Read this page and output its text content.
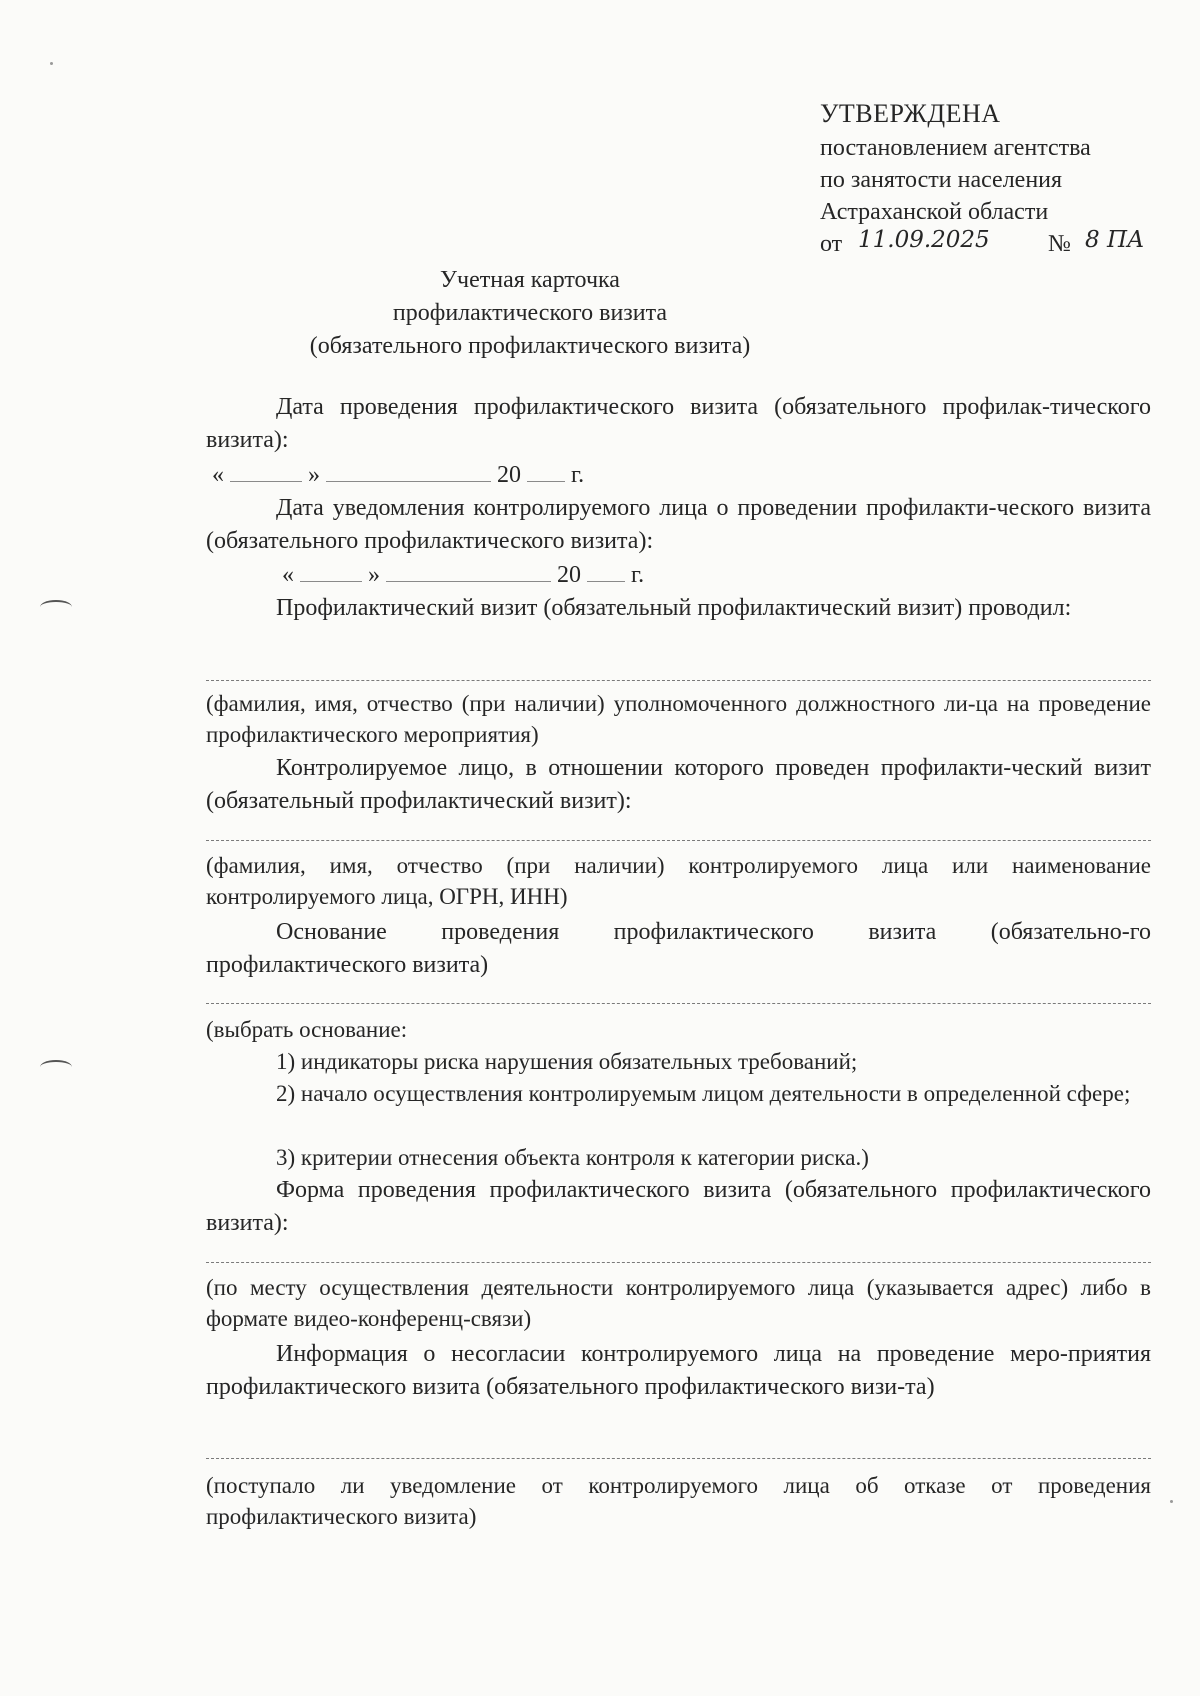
УТВЕРЖДЕНА
постановлением агентства
по занятости населения
Астраханской области
от 11.09.2025 № 8 ПА
Учетная карточка
профилактического визита
(обязательного профилактического визита)
Дата проведения профилактического визита (обязательного профилак-тического визита):
«	»	20 г.
Дата уведомления контролируемого лица о проведении профилакти-ческого визита (обязательного профилактического визита):
«	»	20 г.
Профилактический визит (обязательный профилактический визит) проводил:
(фамилия, имя, отчество (при наличии) уполномоченного должностного ли-ца на проведение профилактического мероприятия)
Контролируемое лицо, в отношении которого проведен профилакти-ческий визит (обязательный профилактический визит):
(фамилия, имя, отчество (при наличии) контролируемого лица или наименование контролируемого лица, ОГРН, ИНН)
Основание проведения профилактического визита (обязательно-го профилактического визита)
(выбрать основание:
1) индикаторы риска нарушения обязательных требований;
2) начало осуществления контролируемым лицом деятельности в определенной сфере;
3) критерии отнесения объекта контроля к категории риска.)
Форма проведения профилактического визита (обязательного профилактического визита):
(по месту осуществления деятельности контролируемого лица (указывается адрес) либо в формате видео-конференц-связи)
Информация о несогласии контролируемого лица на проведение меро-приятия профилактического визита (обязательного профилактического визи-та)
(поступало ли уведомление от контролируемого лица об отказе от проведения профилактического визита)
